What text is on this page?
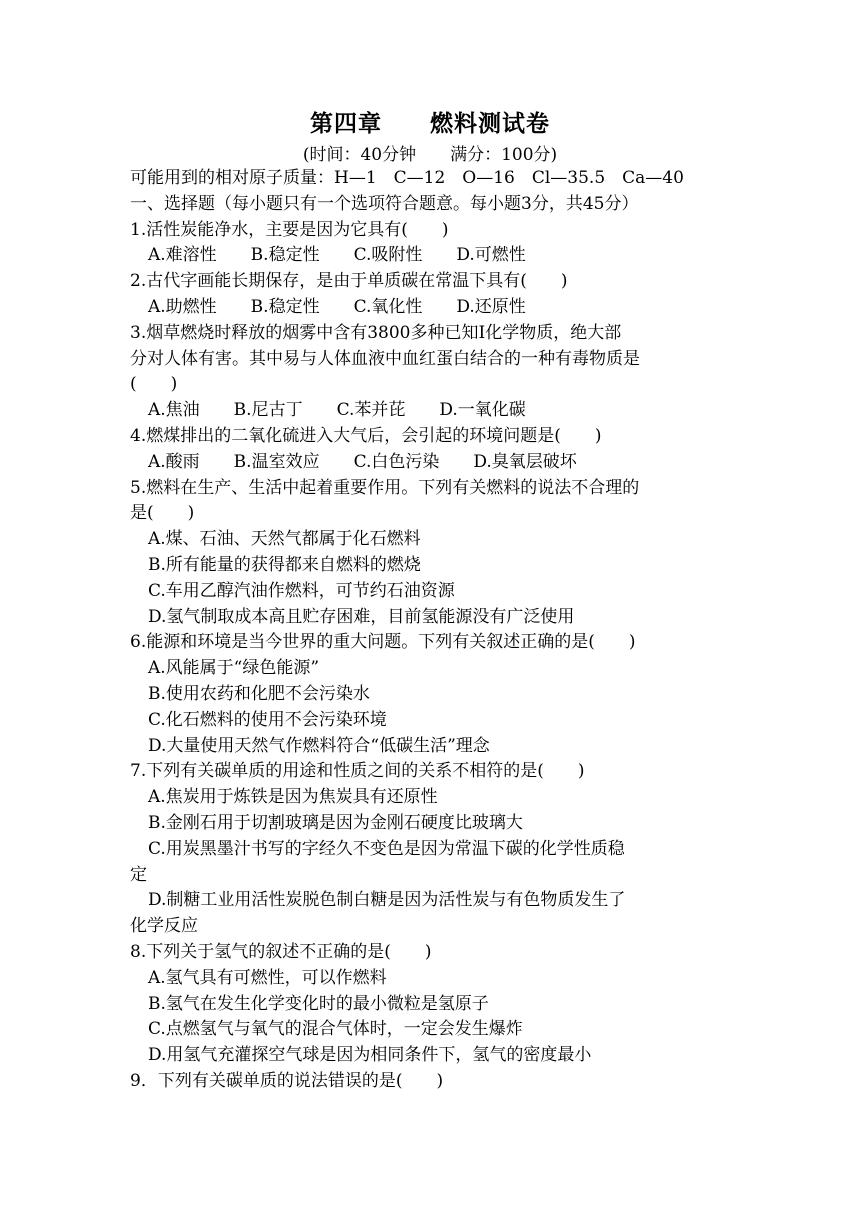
第四章　　燃料测试卷
(时间：40分钟　　满分：100分)
可能用到的相对原子质量：H—1　C—12　O—16　Cl—35.5　Ca—40
一、选择题（每小题只有一个选项符合题意。每小题3分，共45分）
1.活性炭能净水，主要是因为它具有(　　)
A.难溶性　　B.稳定性　　C.吸附性　　D.可燃性
2.古代字画能长期保存，是由于单质碳在常温下具有(　　)
A.助燃性　　B.稳定性　　C.氧化性　　D.还原性
3.烟草燃烧时释放的烟雾中含有3800多种已知Ⅰ化学物质，绝大部
分对人体有害。其中易与人体血液中血红蛋白结合的一种有毒物质是
(　　)
A.焦油　　B.尼古丁　　C.苯并芘　　D.一氧化碳
4.燃煤排出的二氧化硫进入大气后，会引起的环境问题是(　　)
A.酸雨　　B.温室效应　　C.白色污染　　D.臭氧层破坏
5.燃料在生产、生活中起着重要作用。下列有关燃料的说法不合理的
是(　　)
A.煤、石油、天然气都属于化石燃料
B.所有能量的获得都来自燃料的燃烧
C.车用乙醇汽油作燃料，可节约石油资源
D.氢气制取成本高且贮存困难，目前氢能源没有广泛使用
6.能源和环境是当今世界的重大问题。下列有关叙述正确的是(　　)
A.风能属于“绿色能源”
B.使用农药和化肥不会污染水
C.化石燃料的使用不会污染环境
D.大量使用天然气作燃料符合“低碳生活”理念
7.下列有关碳单质的用途和性质之间的关系不相符的是(　　)
A.焦炭用于炼铁是因为焦炭具有还原性
B.金刚石用于切割玻璃是因为金刚石硬度比玻璃大
C.用炭黑墨汁书写的字经久不变色是因为常温下碳的化学性质稳
定
D.制糖工业用活性炭脱色制白糖是因为活性炭与有色物质发生了
化学反应
8.下列关于氢气的叙述不正确的是(　　)
A.氢气具有可燃性，可以作燃料
B.氢气在发生化学变化时的最小微粒是氢原子
C.点燃氢气与氧气的混合气体时，一定会发生爆炸
D.用氢气充灌探空气球是因为相同条件下，氢气的密度最小
9．下列有关碳单质的说法错误的是(　　)
